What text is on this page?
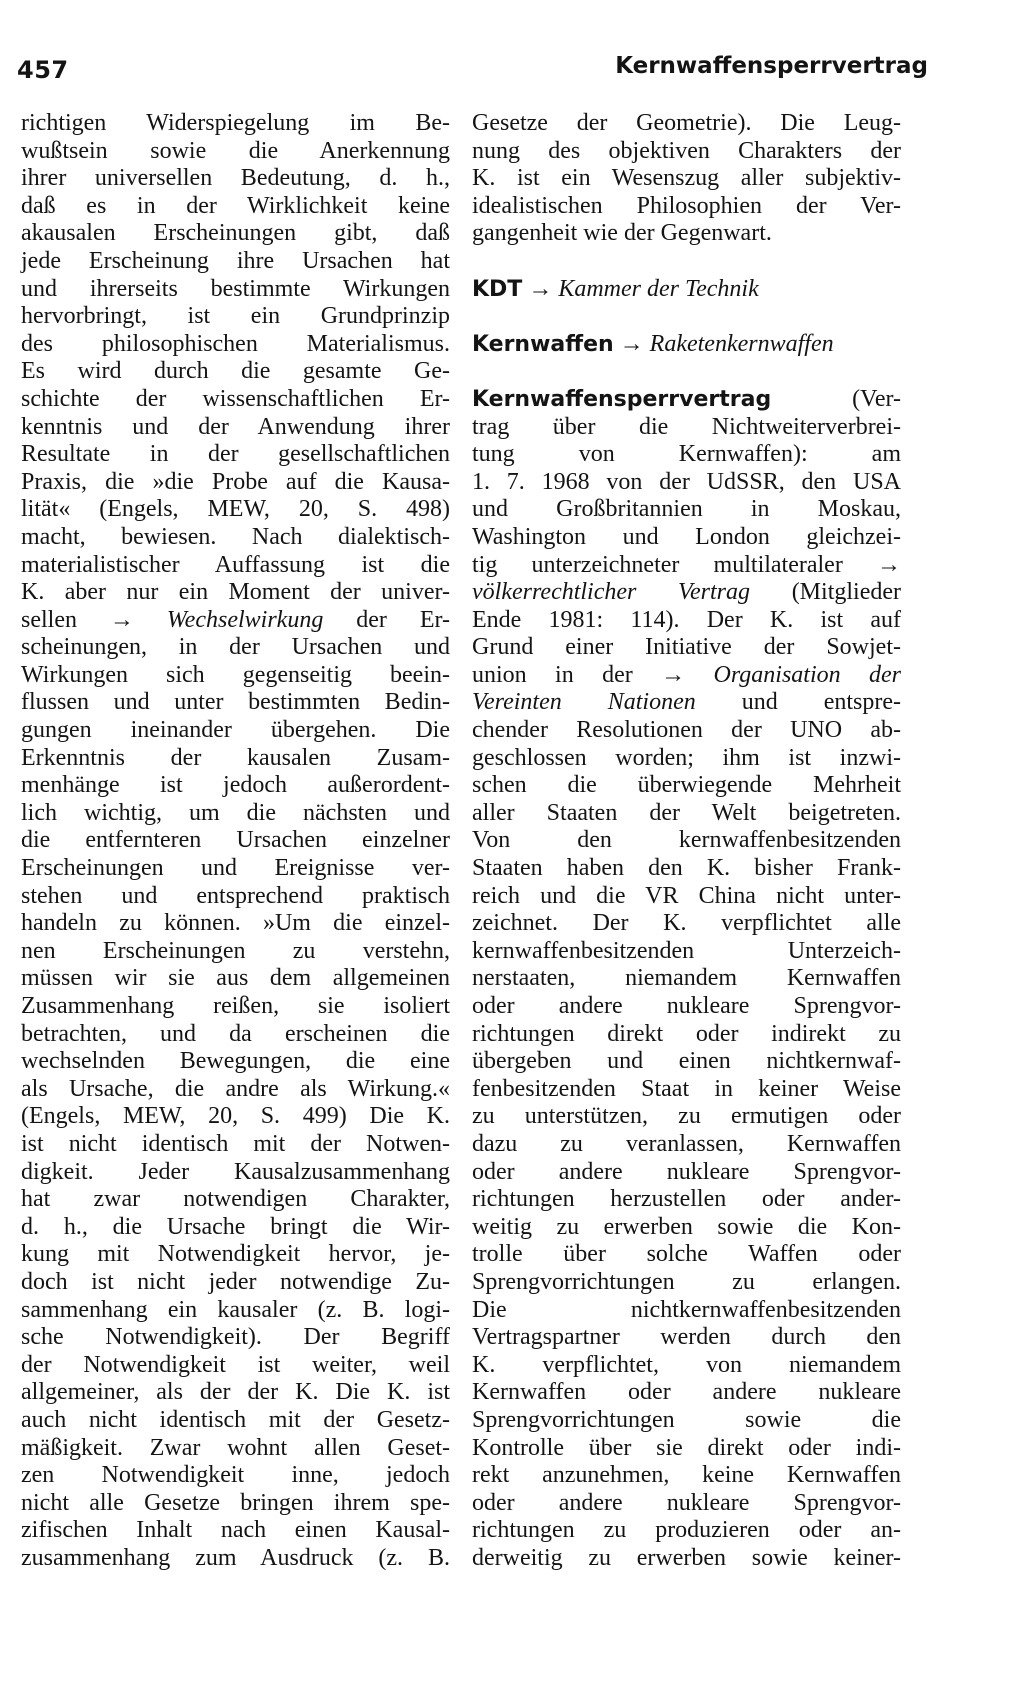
457	Kernwaffensperrvertrag
richtigen Widerspiegelung im Be-
wußtsein sowie die Anerkennung
ihrer universellen Bedeutung, d. h.,
daß es in der Wirklichkeit keine
akausalen Erscheinungen gibt, daß
jede Erscheinung ihre Ursachen hat
und ihrerseits bestimmte Wirkungen
hervorbringt, ist ein Grundprinzip
des philosophischen Materialismus.
Es wird durch die gesamte Ge-
schichte der wissenschaftlichen Er-
kenntnis und der Anwendung ihrer
Resultate in der gesellschaftlichen
Praxis, die »die Probe auf die Kausa-
lität« (Engels, MEW, 20, S. 498)
macht, bewiesen. Nach dialektisch-
materialistischer Auffassung ist die
K. aber nur ein Moment der univer-
sellen → Wechselwirkung der Er-
scheinungen, in der Ursachen und
Wirkungen sich gegenseitig beein-
flussen und unter bestimmten Bedin-
gungen ineinander übergehen. Die
Erkenntnis der kausalen Zusam-
menhänge ist jedoch außerordent-
lich wichtig, um die nächsten und
die entfernteren Ursachen einzelner
Erscheinungen und Ereignisse ver-
stehen und entsprechend praktisch
handeln zu können. »Um die einzel-
nen Erscheinungen zu verstehn,
müssen wir sie aus dem allgemeinen
Zusammenhang reißen, sie isoliert
betrachten, und da erscheinen die
wechselnden Bewegungen, die eine
als Ursache, die andre als Wirkung.«
(Engels, MEW, 20, S. 499) Die K.
ist nicht identisch mit der Notwen-
digkeit. Jeder Kausalzusammenhang
hat zwar notwendigen Charakter,
d. h., die Ursache bringt die Wir-
kung mit Notwendigkeit hervor, je-
doch ist nicht jeder notwendige Zu-
sammenhang ein kausaler (z. B. logi-
sche Notwendigkeit). Der Begriff
der Notwendigkeit ist weiter, weil
allgemeiner, als der der K. Die K. ist
auch nicht identisch mit der Gesetz-
mäßigkeit. Zwar wohnt allen Geset-
zen Notwendigkeit inne, jedoch
nicht alle Gesetze bringen ihrem spe-
zifischen Inhalt nach einen Kausal-
zusammenhang zum Ausdruck (z. B.
Gesetze der Geometrie). Die Leug-
nung des objektiven Charakters der
K. ist ein Wesenszug aller subjektiv-
idealistischen Philosophien der Ver-
gangenheit wie der Gegenwart.
KDT → Kammer der Technik
Kernwaffen → Raketenkernwaffen
Kernwaffensperrvertrag	(Ver-
trag über die Nichtweiterverbrei-
tung von Kernwaffen): am
1. 7. 1968 von der UdSSR, den USA
und Großbritannien in Moskau,
Washington und London gleichzei-
tig unterzeichneter multilateraler →
völkerrechtlicher Vertrag (Mitglieder
Ende 1981: 114). Der K. ist auf
Grund einer Initiative der Sowjet-
union in der → Organisation der
Vereinten Nationen und entspre-
chender Resolutionen der UNO ab-
geschlossen worden; ihm ist inzwi-
schen die überwiegende Mehrheit
aller Staaten der Welt beigetreten.
Von den kernwaffenbesitzenden
Staaten haben den K. bisher Frank-
reich und die VR China nicht unter-
zeichnet. Der K. verpflichtet alle
kernwaffenbesitzenden Unterzeich-
nerstaaten, niemandem Kernwaffen
oder andere nukleare Sprengvor-
richtungen direkt oder indirekt zu
übergeben und einen nichtkernwaf-
fenbesitzenden Staat in keiner Weise
zu unterstützen, zu ermutigen oder
dazu zu veranlassen, Kernwaffen
oder andere nukleare Sprengvor-
richtungen herzustellen oder ander-
weitig zu erwerben sowie die Kon-
trolle über solche Waffen oder
Sprengvorrichtungen zu erlangen.
Die nichtkernwaffenbesitzenden
Vertragspartner werden durch den
K. verpflichtet, von niemandem
Kernwaffen oder andere nukleare
Sprengvorrichtungen sowie die
Kontrolle über sie direkt oder indi-
rekt anzunehmen, keine Kernwaffen
oder andere nukleare Sprengvor-
richtungen zu produzieren oder an-
derweitig zu erwerben sowie keiner-
